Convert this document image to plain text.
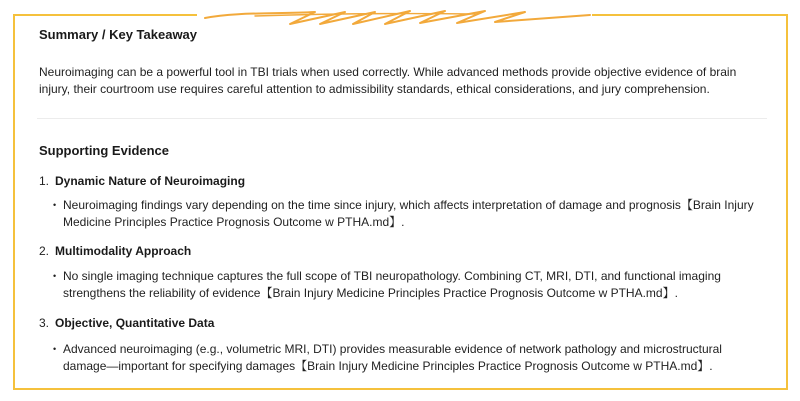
Summary / Key Takeaway
Neuroimaging can be a powerful tool in TBI trials when used correctly. While advanced methods provide objective evidence of brain injury, their courtroom use requires careful attention to admissibility standards, ethical considerations, and jury comprehension.
Supporting Evidence
1. Dynamic Nature of Neuroimaging
• Neuroimaging findings vary depending on the time since injury, which affects interpretation of damage and prognosis【Brain Injury Medicine Principles Practice Prognosis Outcome w PTHA.md】.
2. Multimodality Approach
• No single imaging technique captures the full scope of TBI neuropathology. Combining CT, MRI, DTI, and functional imaging strengthens the reliability of evidence【Brain Injury Medicine Principles Practice Prognosis Outcome w PTHA.md】.
3. Objective, Quantitative Data
• Advanced neuroimaging (e.g., volumetric MRI, DTI) provides measurable evidence of network pathology and microstructural damage—important for specifying damages【Brain Injury Medicine Principles Practice Prognosis Outcome w PTHA.md】.
